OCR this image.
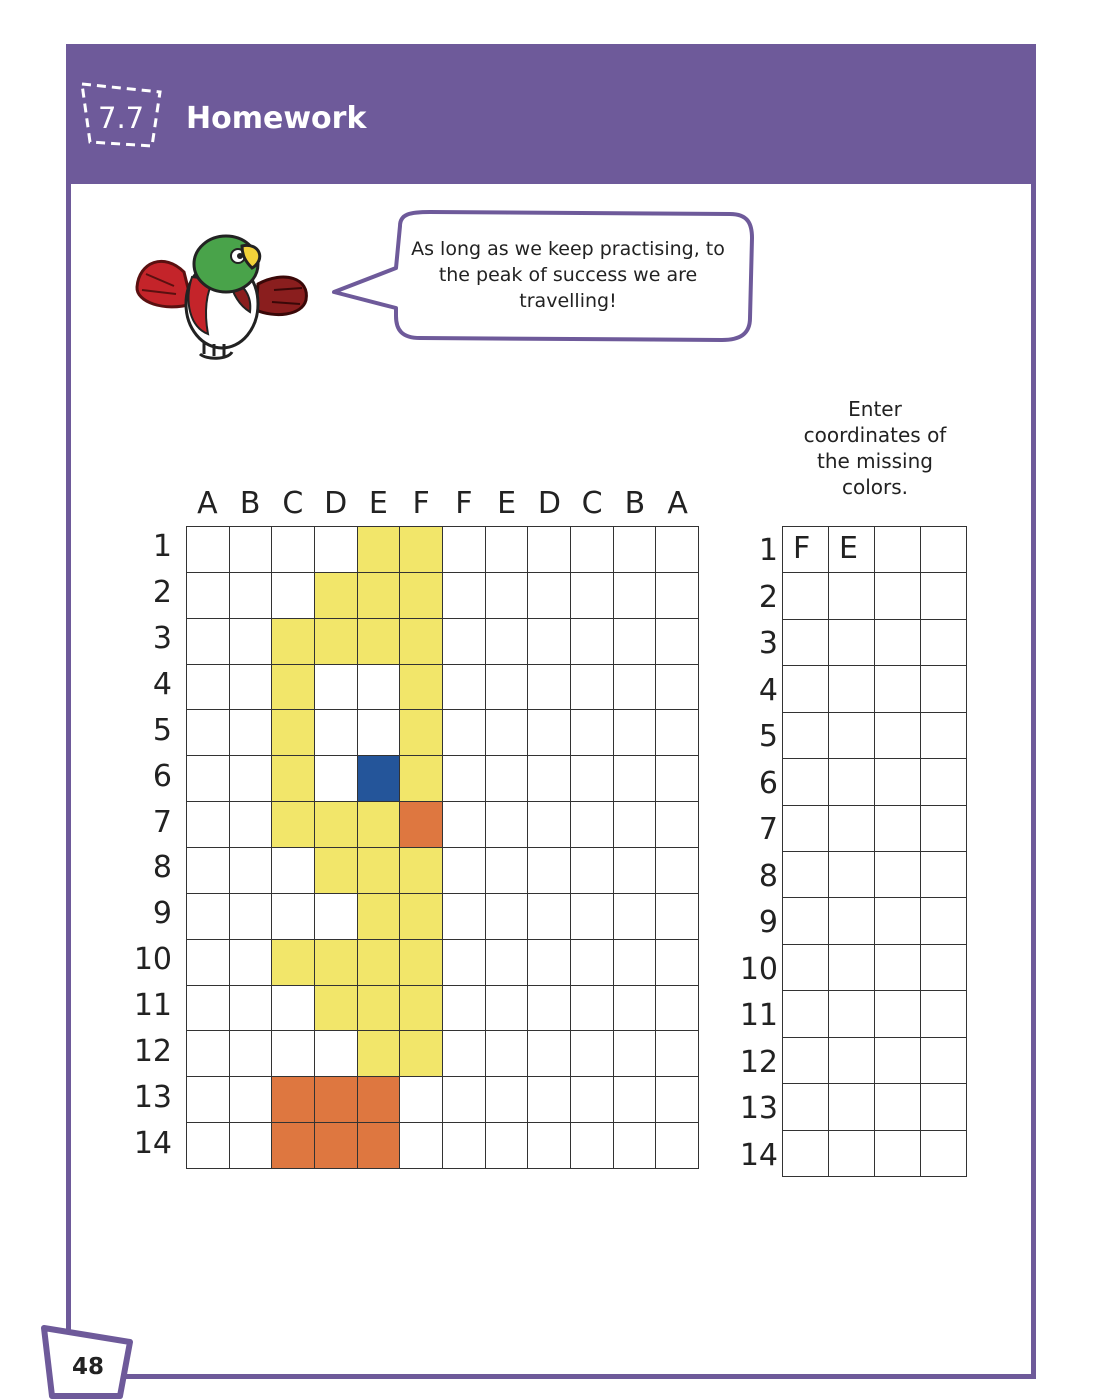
7.7 Homework
As long as we keep practising, to the peak of success we are travelling!
Enter coordinates of the missing colors.
A B C D E F F E D C B A
1
2
3
4
5
6
7
8
9
10
11
12
13
14
1
2
3
4
5
6
7
8
9
10
11
12
13
14
F E
48
